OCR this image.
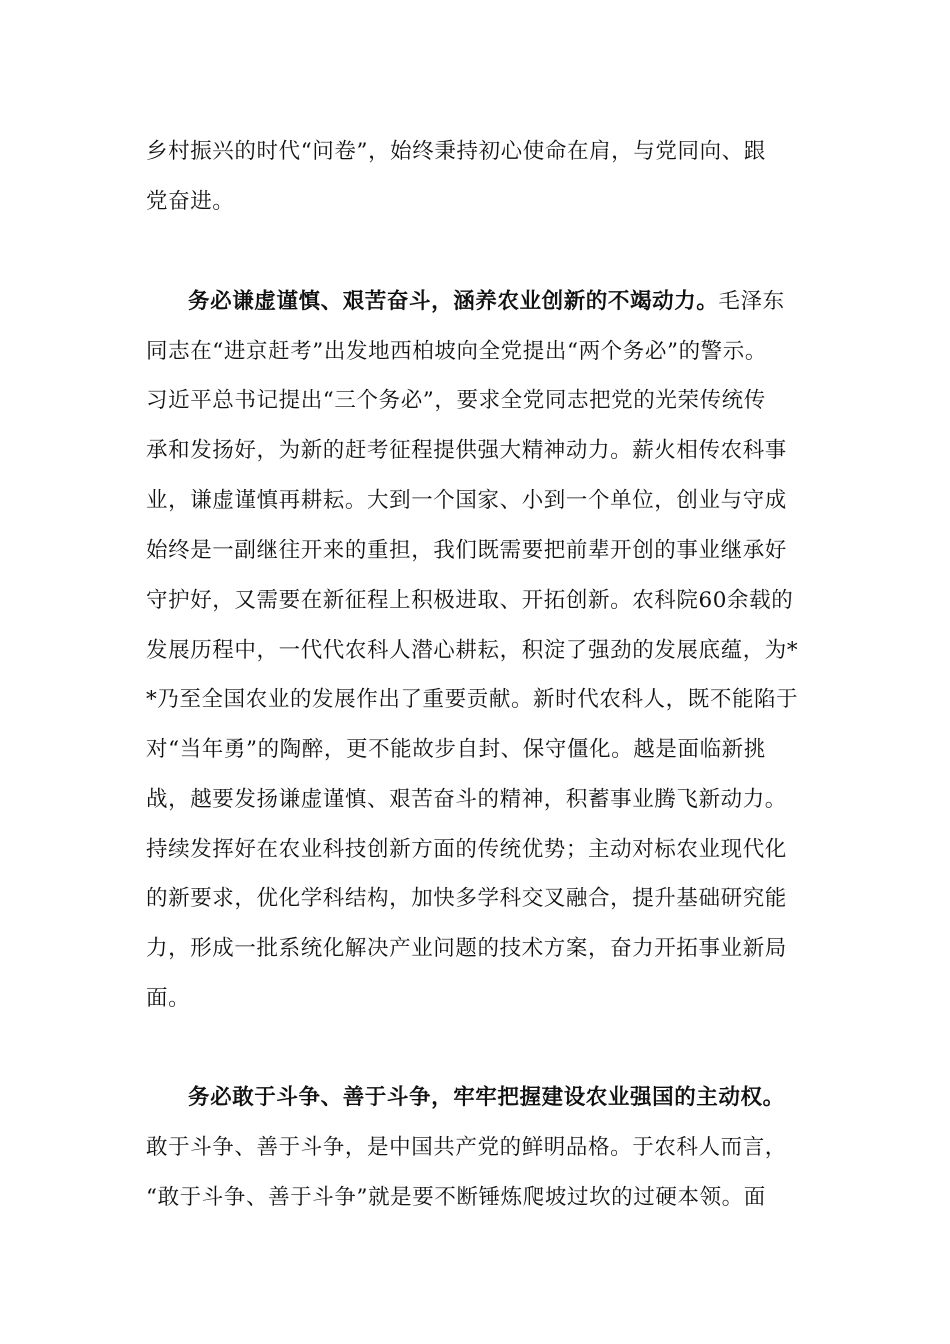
乡村振兴的时代“问卷”，始终秉持初心使命在肩，与党同向、跟
党奋进。
务必谦虚谨慎、艰苦奋斗，涵养农业创新的不竭动力。毛泽东
同志在“进京赶考”出发地西柏坡向全党提出“两个务必”的警示。
习近平总书记提出“三个务必”，要求全党同志把党的光荣传统传
承和发扬好，为新的赶考征程提供强大精神动力。薪火相传农科事
业，谦虚谨慎再耕耘。大到一个国家、小到一个单位，创业与守成
始终是一副继往开来的重担，我们既需要把前辈开创的事业继承好
守护好，又需要在新征程上积极进取、开拓创新。农科院60余载的
发展历程中，一代代农科人潜心耕耘，积淀了强劲的发展底蕴，为*
*乃至全国农业的发展作出了重要贡献。新时代农科人，既不能陷于
对“当年勇”的陶醉，更不能故步自封、保守僵化。越是面临新挑
战，越要发扬谦虚谨慎、艰苦奋斗的精神，积蓄事业腾飞新动力。
持续发挥好在农业科技创新方面的传统优势；主动对标农业现代化
的新要求，优化学科结构，加快多学科交叉融合，提升基础研究能
力，形成一批系统化解决产业问题的技术方案，奋力开拓事业新局
面。
务必敢于斗争、善于斗争，牢牢把握建设农业强国的主动权。
敢于斗争、善于斗争，是中国共产党的鲜明品格。于农科人而言，
“敢于斗争、善于斗争”就是要不断锤炼爬坡过坎的过硬本领。面
